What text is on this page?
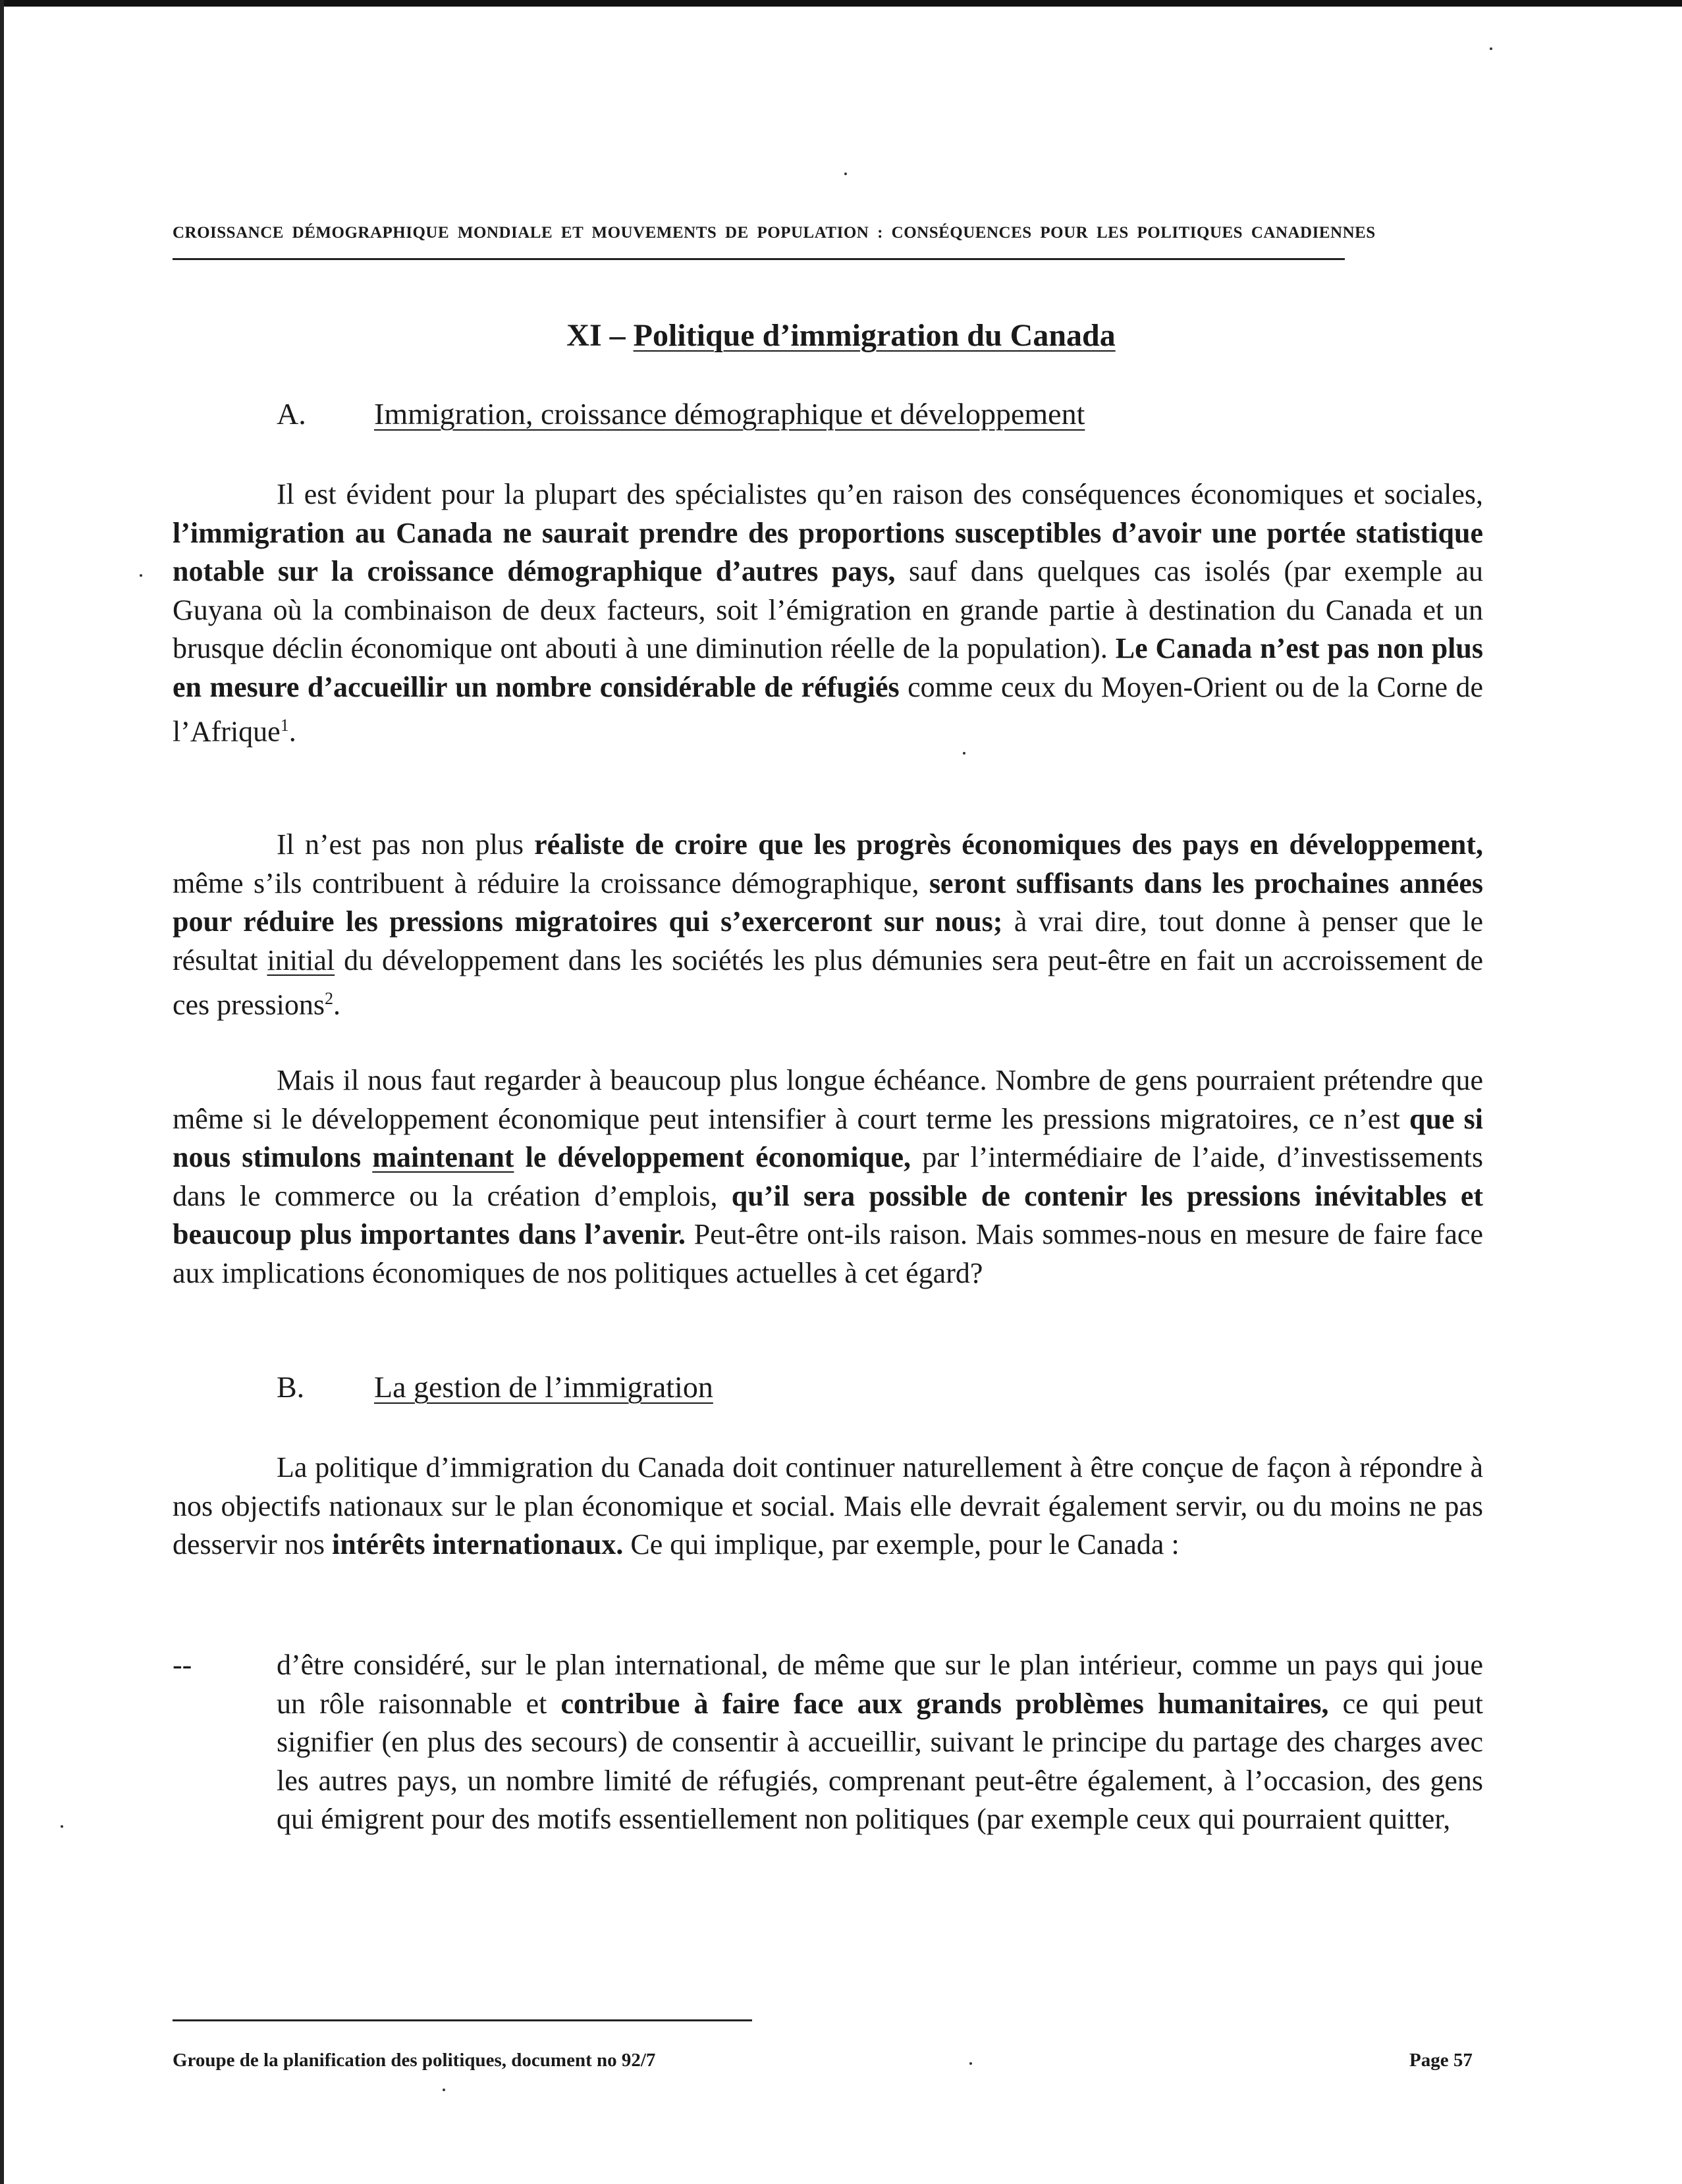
CROISSANCE DÉMOGRAPHIQUE MONDIALE ET MOUVEMENTS DE POPULATION : CONSÉQUENCES POUR LES POLITIQUES CANADIENNES
XI – Politique d’immigration du Canada
A. Immigration, croissance démographique et développement
Il est évident pour la plupart des spécialistes qu’en raison des conséquences économiques et sociales, l’immigration au Canada ne saurait prendre des proportions susceptibles d’avoir une portée statistique notable sur la croissance démographique d’autres pays, sauf dans quelques cas isolés (par exemple au Guyana où la combinaison de deux facteurs, soit l’émigration en grande partie à destination du Canada et un brusque déclin économique ont abouti à une diminution réelle de la population). Le Canada n’est pas non plus en mesure d’accueillir un nombre considérable de réfugiés comme ceux du Moyen-Orient ou de la Corne de l’Afrique$^1$.
Il n’est pas non plus réaliste de croire que les progrès économiques des pays en développement, même s’ils contribuent à réduire la croissance démographique, seront suffisants dans les prochaines années pour réduire les pressions migratoires qui s’exerceront sur nous; à vrai dire, tout donne à penser que le résultat initial du développement dans les sociétés les plus démunies sera peut-être en fait un accroissement de ces pressions$^2$.
Mais il nous faut regarder à beaucoup plus longue échéance. Nombre de gens pourraient prétendre que même si le développement économique peut intensifier à court terme les pressions migratoires, ce n’est que si nous stimulons maintenant le développement économique, par l’intermédiaire de l’aide, d’investissements dans le commerce ou la création d’emplois, qu’il sera possible de contenir les pressions inévitables et beaucoup plus importantes dans l’avenir. Peut-être ont-ils raison. Mais sommes-nous en mesure de faire face aux implications économiques de nos politiques actuelles à cet égard?
B. La gestion de l’immigration
La politique d’immigration du Canada doit continuer naturellement à être conçue de façon à répondre à nos objectifs nationaux sur le plan économique et social. Mais elle devrait également servir, ou du moins ne pas desservir nos intérêts internationaux. Ce qui implique, par exemple, pour le Canada :
--	d’être considéré, sur le plan international, de même que sur le plan intérieur, comme un pays qui joue un rôle raisonnable et contribue à faire face aux grands problèmes humanitaires, ce qui peut signifier (en plus des secours) de consentir à accueillir, suivant le principe du partage des charges avec les autres pays, un nombre limité de réfugiés, comprenant peut-être également, à l’occasion, des gens qui émigrent pour des motifs essentiellement non politiques (par exemple ceux qui pourraient quitter,
Groupe de la planification des politiques, document no 92/7	Page 57
